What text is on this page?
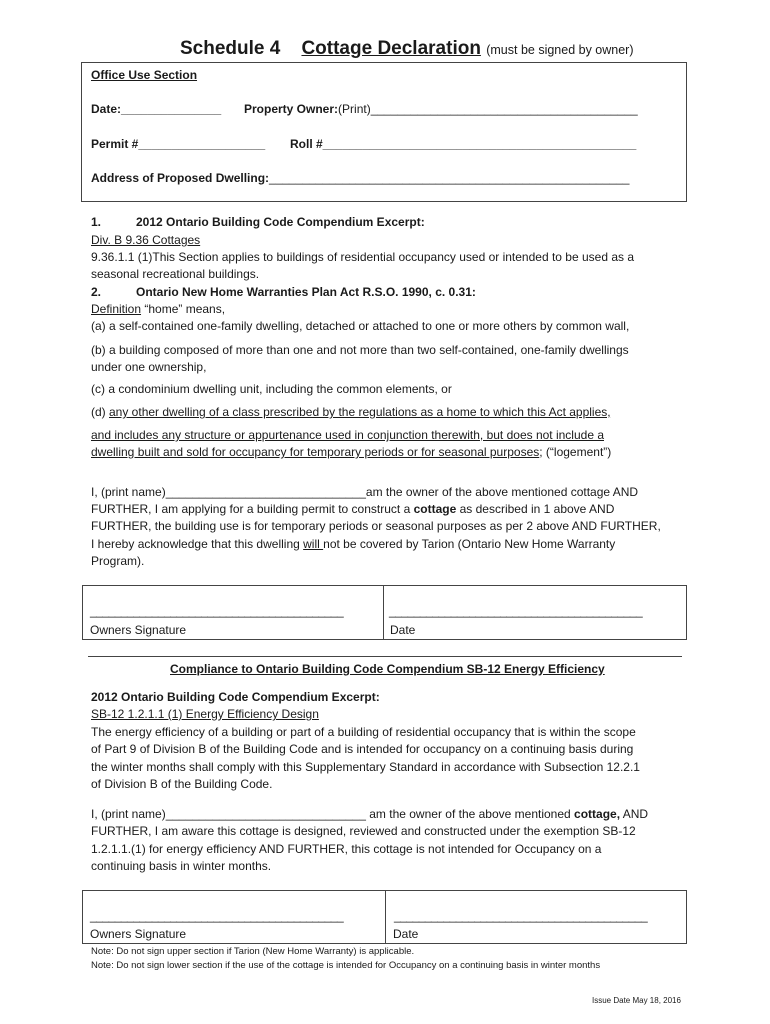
Schedule 4 Cottage Declaration (must be signed by owner)
Office Use Section
Date:_______________ Property Owner:(Print)________________________________________
Permit #___________________ Roll #_______________________________________________
Address of Proposed Dwelling:______________________________________________________
1.	2012 Ontario Building Code Compendium Excerpt:
Div. B 9.36 Cottages
9.36.1.1 (1)This Section applies to buildings of residential occupancy used or intended to be used as a
seasonal recreational buildings.
2.	Ontario New Home Warranties Plan Act R.S.O. 1990, c. 0.31:
Definition “home” means,
(a) a self-contained one-family dwelling, detached or attached to one or more others by common wall,
(b) a building composed of more than one and not more than two self-contained, one-family dwellings
under one ownership,
(c) a condominium dwelling unit, including the common elements, or
(d) any other dwelling of a class prescribed by the regulations as a home to which this Act applies,
and includes any structure or appurtenance used in conjunction therewith, but does not include a
dwelling built and sold for occupancy for temporary periods or for seasonal purposes; (“logement”)
I, (print name)______________________________am the owner of the above mentioned cottage AND
FURTHER, I am applying for a building permit to construct a cottage as described in 1 above AND
FURTHER, the building use is for temporary periods or seasonal purposes as per 2 above AND FURTHER,
I hereby acknowledge that this dwelling will not be covered by Tarion (Ontario New Home Warranty
Program).
_________________________________________
Owners Signature
_________________________________________
Date
Compliance to Ontario Building Code Compendium SB-12 Energy Efficiency
2012 Ontario Building Code Compendium Excerpt:
SB-12 1.2.1.1 (1) Energy Efficiency Design
The energy efficiency of a building or part of a building of residential occupancy that is within the scope
of Part 9 of Division B of the Building Code and is intended for occupancy on a continuing basis during
the winter months shall comply with this Supplementary Standard in accordance with Subsection 12.2.1
of Division B of the Building Code.
I, (print name)______________________________ am the owner of the above mentioned cottage, AND
FURTHER, I am aware this cottage is designed, reviewed and constructed under the exemption SB-12
1.2.1.1.(1) for energy efficiency AND FURTHER, this cottage is not intended for Occupancy on a
continuing basis in winter months.
_________________________________________
Owners Signature
_________________________________________
Date
Note: Do not sign upper section if Tarion (New Home Warranty) is applicable.
Note: Do not sign lower section if the use of the cottage is intended for Occupancy on a continuing basis in winter months
Issue Date May 18, 2016
